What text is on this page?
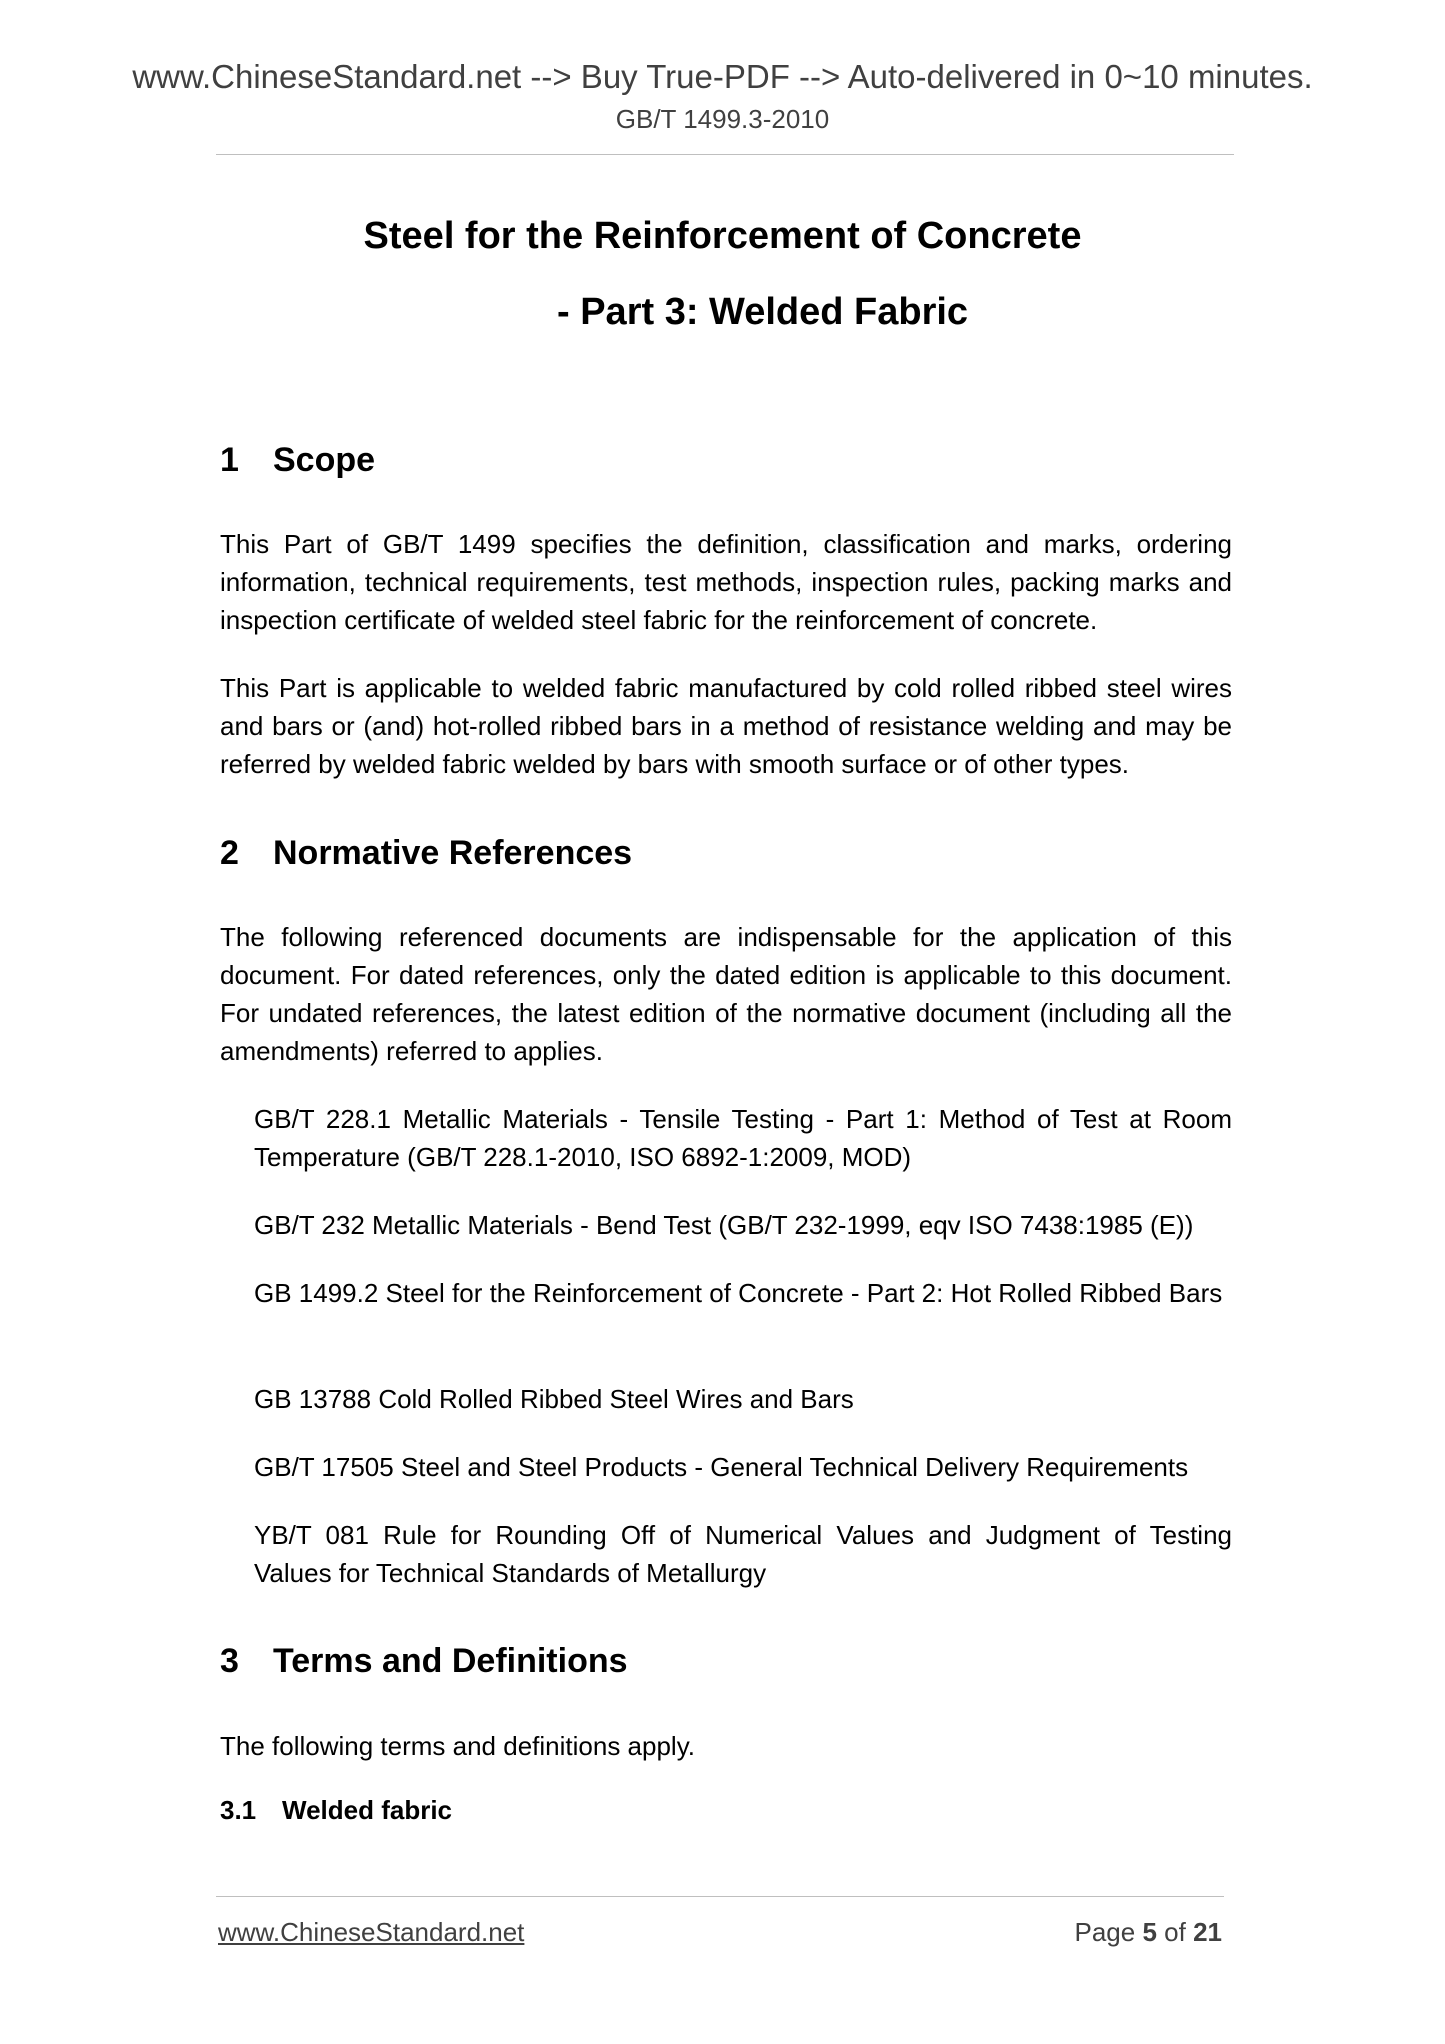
www.ChineseStandard.net --> Buy True-PDF --> Auto-delivered in 0~10 minutes.
GB/T 1499.3-2010
Steel for the Reinforcement of Concrete
- Part 3: Welded Fabric
1 Scope
This Part of GB/T 1499 specifies the definition, classification and marks, ordering information, technical requirements, test methods, inspection rules, packing marks and inspection certificate of welded steel fabric for the reinforcement of concrete.
This Part is applicable to welded fabric manufactured by cold rolled ribbed steel wires and bars or (and) hot-rolled ribbed bars in a method of resistance welding and may be referred by welded fabric welded by bars with smooth surface or of other types.
2 Normative References
The following referenced documents are indispensable for the application of this document. For dated references, only the dated edition is applicable to this document. For undated references, the latest edition of the normative document (including all the amendments) referred to applies.
GB/T 228.1 Metallic Materials - Tensile Testing - Part 1: Method of Test at Room Temperature (GB/T 228.1-2010, ISO 6892-1:2009, MOD)
GB/T 232 Metallic Materials - Bend Test (GB/T 232-1999, eqv ISO 7438:1985 (E))
GB 1499.2 Steel for the Reinforcement of Concrete - Part 2: Hot Rolled Ribbed Bars
GB 13788 Cold Rolled Ribbed Steel Wires and Bars
GB/T 17505 Steel and Steel Products - General Technical Delivery Requirements
YB/T 081 Rule for Rounding Off of Numerical Values and Judgment of Testing Values for Technical Standards of Metallurgy
3 Terms and Definitions
The following terms and definitions apply.
3.1 Welded fabric
www.ChineseStandard.net	Page 5 of 21
